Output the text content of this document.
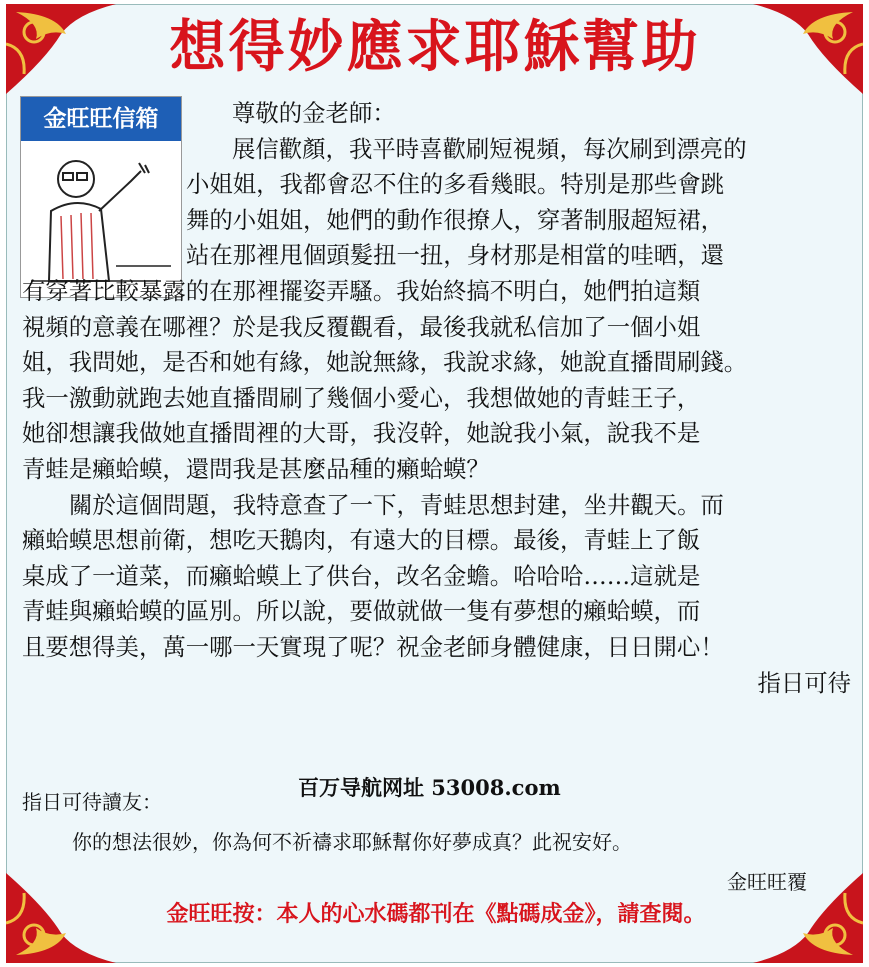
想得妙應求耶穌幫助
金旺旺信箱	尊敬的金老師：
展信歡顏，我平時喜歡刷短視頻，每次刷到漂亮的
小姐姐，我都會忍不住的多看幾眼。特別是那些會跳
舞的小姐姐，她們的動作很撩人，穿著制服超短裙，
站在那裡甩個頭髮扭一扭，身材那是相當的哇晒，還
有穿著比較暴露的在那裡擺姿弄騷。我始終搞不明白，她們拍這類
視頻的意義在哪裡？於是我反覆觀看，最後我就私信加了一個小姐
姐，我問她，是否和她有緣，她說無緣，我說求緣，她說直播間刷錢。
我一激動就跑去她直播間刷了幾個小愛心，我想做她的青蛙王子，
她卻想讓我做她直播間裡的大哥，我沒幹，她說我小氣，說我不是
青蛙是癩蛤蟆，還問我是甚麼品種的癩蛤蟆？
關於這個問題，我特意查了一下，青蛙思想封建，坐井觀天。而
癩蛤蟆思想前衛，想吃天鵝肉，有遠大的目標。最後，青蛙上了飯
桌成了一道菜，而癩蛤蟆上了供台，改名金蟾。哈哈哈……這就是
青蛙與癩蛤蟆的區別。所以說，要做就做一隻有夢想的癩蛤蟆，而
且要想得美，萬一哪一天實現了呢？祝金老師身體健康，日日開心！
指日可待
百万导航网址 53008.com
指日可待讀友：
你的想法很妙，你為何不祈禱求耶穌幫你好夢成真？此祝安好。
金旺旺覆
金旺旺按：本人的心水碼都刊在《點碼成金》，請查閱。
